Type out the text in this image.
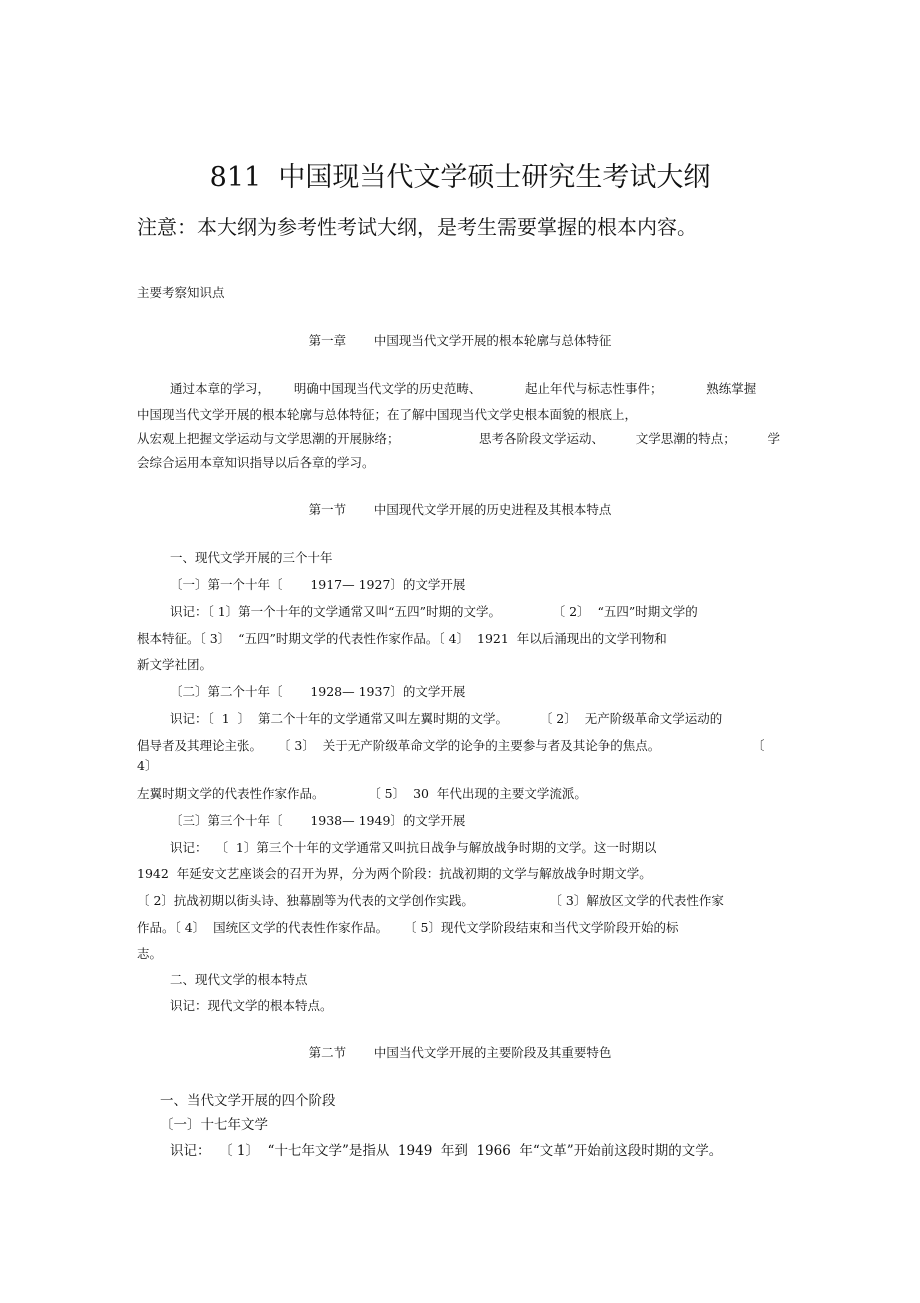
811  中国现当代文学硕士研究生考试大纲
注意：本大纲为参考性考试大纲，是考生需要掌握的根本内容。
主要考察知识点
第一章       中国现当代文学开展的根本轮廓与总体特征
通过本章的学习，      明确中国现当代文学的历史范畴、           起止年代与标志性事件；           熟练掌握
中国现当代文学开展的根本轮廓与总体特征；在了解中国现当代文学史根本面貌的根底上，
从宏观上把握文学运动与文学思潮的开展脉络；                    思考各阶段文学运动、        文学思潮的特点；        学
会综合运用本章知识指导以后各章的学习。
第一节       中国现代文学开展的历史进程及其根本特点
一、现代文学开展的三个十年
〔一〕第一个十年〔       1917— 1927〕的文学开展
识记：〔 1〕第一个十年的文学通常又叫“五四”时期的文学。             〔 2〕  “五四”时期文学的
根本特征。〔 3〕  “五四”时期文学的代表性作家作品。〔 4〕  1921  年以后涌现出的文学刊物和
新文学社团。
〔二〕第二个十年〔       1928— 1937〕的文学开展
识记：〔  1  〕  第二个十年的文学通常又叫左翼时期的文学。        〔 2〕  无产阶级革命文学运动的
倡导者及其理论主张。    〔 3〕  关于无产阶级革命文学的论争的主要参与者及其论争的焦点。	〔
4〕
左翼时期文学的代表性作家作品。           〔 5〕  30  年代出现的主要文学流派。
〔三〕第三个十年〔       1938— 1949〕的文学开展
识记：  〔  1〕第三个十年的文学通常又叫抗日战争与解放战争时期的文学。这一时期以
1942  年延安文艺座谈会的召开为界，分为两个阶段：抗战初期的文学与解放战争时期文学。
〔 2〕抗战初期以街头诗、独幕剧等为代表的文学创作实践。                   〔 3〕解放区文学的代表性作家
作品。〔 4〕  国统区文学的代表性作家作品。    〔 5〕现代文学阶段结束和当代文学阶段开始的标
志。
二、现代文学的根本特点
识记：现代文学的根本特点。
第二节       中国当代文学开展的主要阶段及其重要特色
一、当代文学开展的四个阶段
〔一〕十七年文学
识记：  〔 1〕  “十七年文学”是指从  1949  年到  1966  年“文革”开始前这段时期的文学。
